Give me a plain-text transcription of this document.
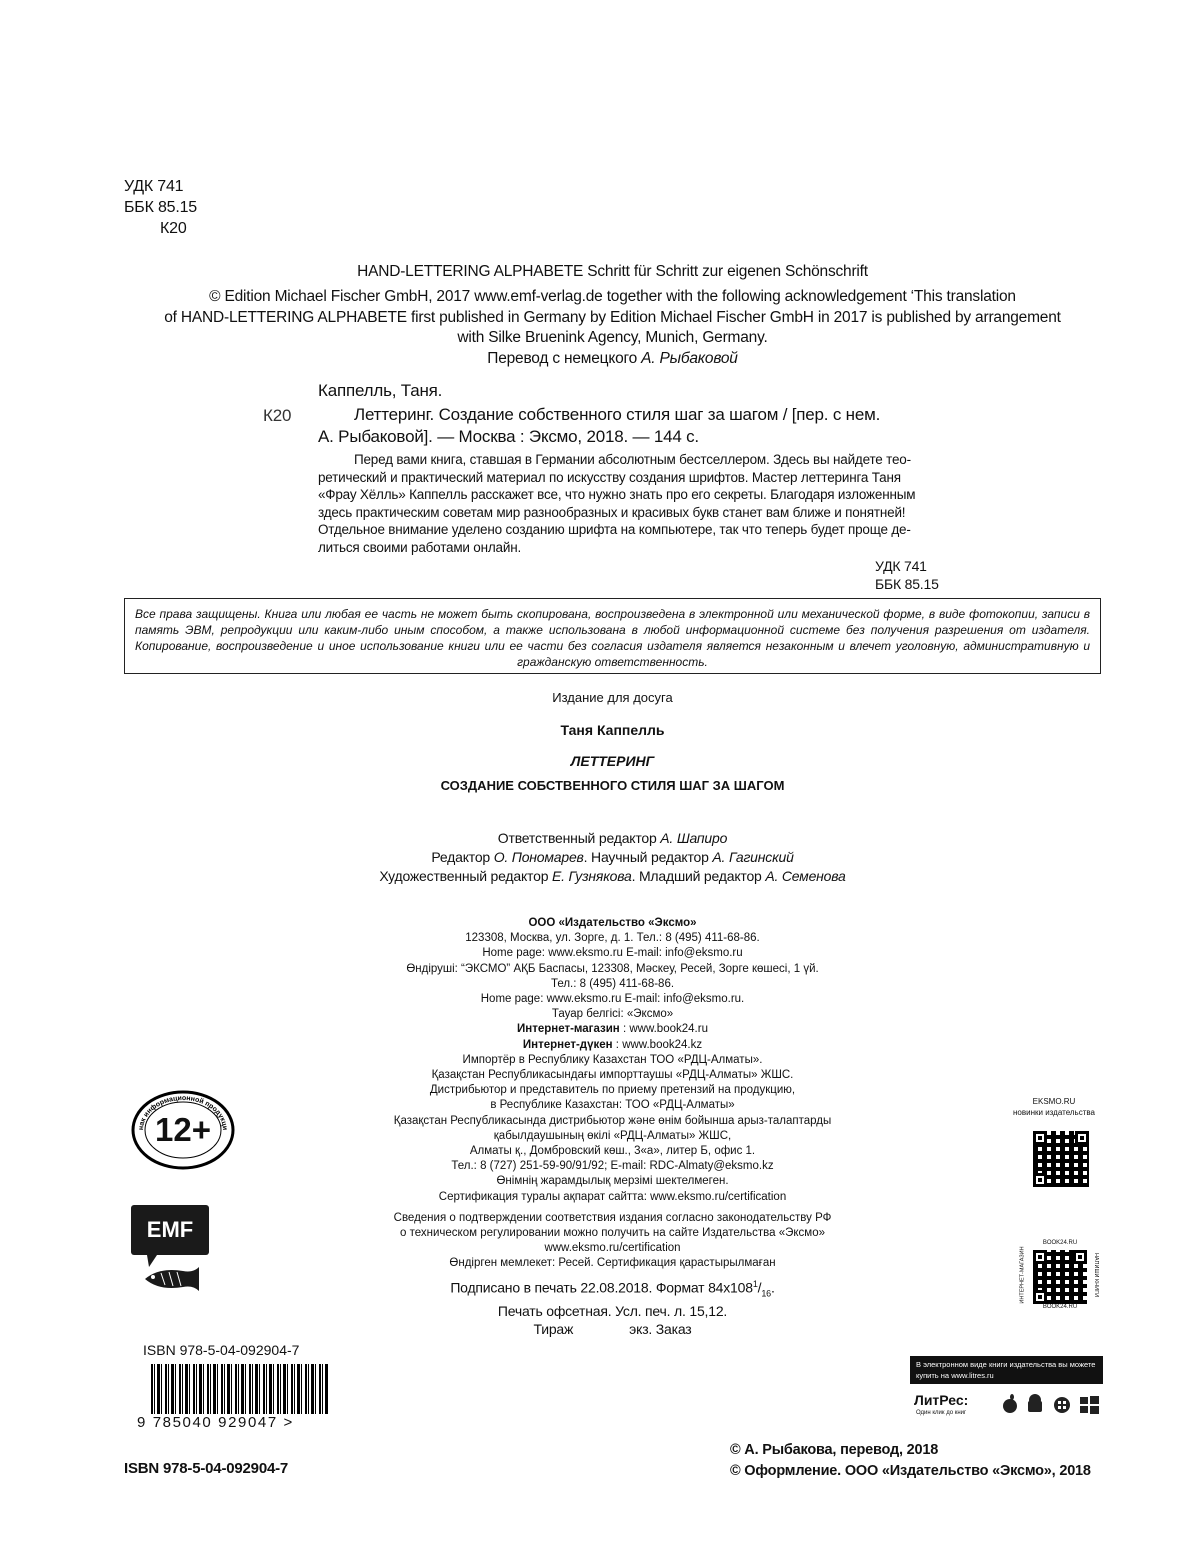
УДК 741
ББК 85.15
К20
HAND-LETTERING ALPHABETE Schritt für Schritt zur eigenen Schönschrift
© Edition Michael Fischer GmbH, 2017 www.emf-verlag.de together with the following acknowledgement ‘This translation
of HAND-LETTERING ALPHABETE first published in Germany by Edition Michael Fischer GmbH in 2017 is published by arrangement
with Silke Bruenink Agency, Munich, Germany.
Перевод с немецкого А. Рыбаковой
Каппелль, Таня.
К20	Леттеринг. Создание собственного стиля шаг за шагом / [пер. с нем.
А. Рыбаковой]. — Москва : Эксмо, 2018. — 144 с.
Перед вами книга, ставшая в Германии абсолютным бестселлером. Здесь вы найдете тео-
ретический и практический материал по искусству создания шрифтов. Мастер леттеринга Таня
«Фрау Хёлль» Каппелль расскажет все, что нужно знать про его секреты. Благодаря изложенным
здесь практическим советам мир разнообразных и красивых букв станет вам ближе и понятней!
Отдельное внимание уделено созданию шрифта на компьютере, так что теперь будет проще де-
литься своими работами онлайн.
УДК 741
ББК 85.15
Все права защищены. Книга или любая ее часть не может быть скопирована, воспроизведена в электронной или механической форме, в виде фотокопии, записи в память ЭВМ, репродукции или каким-либо иным способом, а также использована в любой информационной системе без получения разрешения от издателя. Копирование, воспроизведение и иное использование книги или ее части без согласия издателя является незаконным и влечет уголовную, административную и гражданскую ответственность.
Издание для досуга
Таня Каппелль
ЛЕТТЕРИНГ
СОЗДАНИЕ СОБСТВЕННОГО СТИЛЯ ШАГ ЗА ШАГОМ
Ответственный редактор А. Шапиро
Редактор О. Пономарев. Научный редактор А. Гагинский
Художественный редактор Е. Гузнякова. Младший редактор А. Семенова
ООО «Издательство «Эксмо»
123308, Москва, ул. Зорге, д. 1. Тел.: 8 (495) 411-68-86.
Home page: www.eksmo.ru E-mail: info@eksmo.ru
Өндіруші: “ЭКСМО” АҚБ Баспасы, 123308, Мәскеу, Ресей, Зорге көшесі, 1 үй.
Тел.: 8 (495) 411-68-86.
Home page: www.eksmo.ru E-mail: info@eksmo.ru.
Тауар белгісі: «Эксмо»
Интернет-магазин : www.book24.ru
Интернет-дүкен : www.book24.kz
Импортёр в Республику Казахстан ТОО «РДЦ-Алматы».
Қазақстан Республикасындағы импорттаушы «РДЦ-Алматы» ЖШС.
Дистрибьютор и представитель по приему претензий на продукцию,
в Республике Казахстан: ТОО «РДЦ-Алматы»
Қазақстан Республикасында дистрибьютор және өнім бойынша арыз-талаптарды
қабылдаушының өкілі «РДЦ-Алматы» ЖШС,
Алматы қ., Домбровский көш., 3«а», литер Б, офис 1.
Тел.: 8 (727) 251-59-90/91/92; E-mail: RDC-Almaty@eksmo.kz
Өнімнің жарамдылық мерзімі шектелмеген.
Сертификация туралы ақпарат сайтта: www.eksmo.ru/certification
Сведения о подтверждении соответствия издания согласно законодательству РФ
о техническом регулировании можно получить на сайте Издательства «Эксмо»
www.eksmo.ru/certification
Өндірген мемлекет: Ресей. Сертификация қарастырылмаған
Подписано в печать 22.08.2018. Формат $84x108^1/_{16}$.
Печать офсетная. Усл. печ. л. 15,12.
Тираж	экз. Заказ
нак информационной продукци
12+
EMF
ISBN 978-5-04-092904-7
9 785040 929047 >
ISBN 978-5-04-092904-7
EKSMO.RU
новинки издательства
BOOK24.RU
ИНТЕРНЕТ-МАГАЗИН	НАПИШИ КНИГИ
BOOK24.RU
В электронном виде книги издательства вы можете
купить на www.litres.ru
ЛитРес:
Один клик до книг
© А. Рыбакова, перевод, 2018
© Оформление. ООО «Издательство «Эксмо», 2018
